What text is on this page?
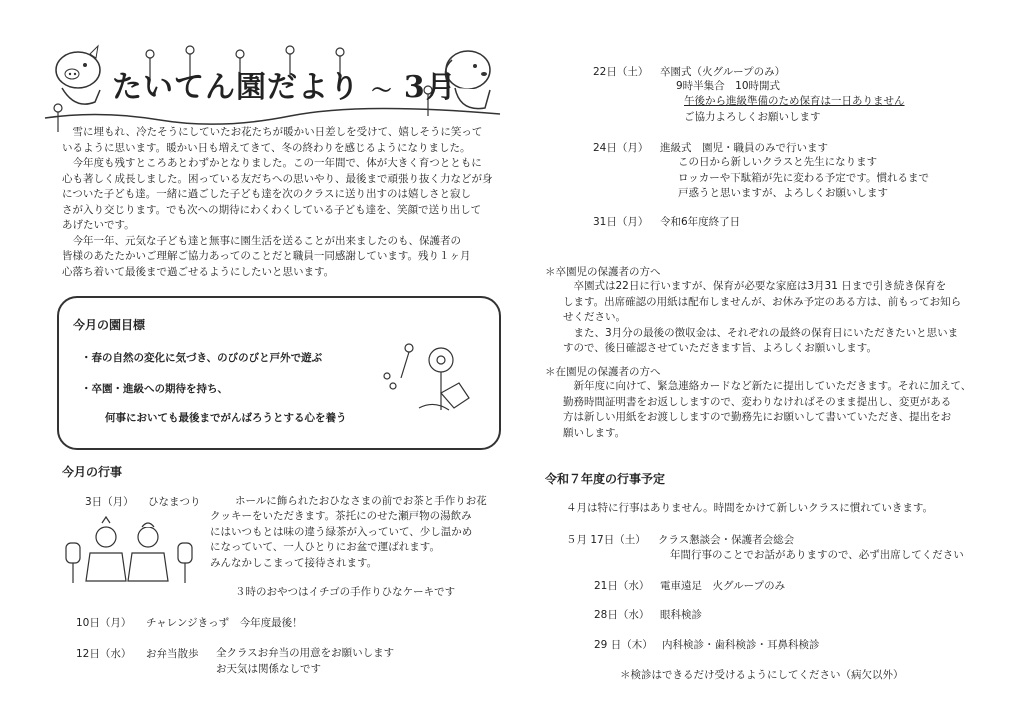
たいてん園だより ～ 3月

　雪に埋もれ、冷たそうにしていたお花たちが暖かい日差しを受けて、嬉しそうに笑って

いるように思います。暖かい日も増えてきて、冬の終わりを感じるようになりました。

　今年度も残すところあとわずかとなりました。この一年間で、体が大きく育つとともに

心も著しく成長しました。困っている友だちへの思いやり、最後まで頑張り抜く力などが身

についた子ども達。一緒に過ごした子ども達を次のクラスに送り出すのは嬉しさと寂し

さが入り交じります。でも次への期待にわくわくしている子ども達を、笑顔で送り出して

あげたいです。

　今年一年、元気な子ども達と無事に園生活を送ることが出来ましたのも、保護者の

皆様のあたたかいご理解ご協力あってのことだと職員一同感謝しています。残り１ヶ月

心落ち着いて最後まで過ごせるようにしたいと思います。

今月の園目標
・春の自然の変化に気づき、のびのびと戸外で遊ぶ
・卒園・進級への期待を持ち、
何事においても最後までがんばろうとする心を養う
今月の行事
3日（月） ひなまつり	ホールに飾られたおひなさまの前でお茶と手作りお花

クッキーをいただきます。茶托にのせた瀬戸物の湯飲み

にはいつもとは味の違う緑茶が入っていて、少し温かめ

になっていて、一人ひとりにお盆で運ばれます。

みんなかしこまって接待されます。

３時のおやつはイチゴの手作りひなケーキです
10日（月） チャレンジきっず　今年度最後！
12日（水） お弁当散歩 全クラスお弁当の用意をお願いします

お天気は関係なしです

22日（土） 卒園式（火グループのみ）

9時半集合　10時開式

午後から進級準備のため保育は一日ありません

ご協力よろしくお願いします

24日（月） 進級式　園児・職員のみで行います

この日から新しいクラスと先生になります

ロッカーや下駄箱が先に変わる予定です。慣れるまで

戸惑うと思いますが、よろしくお願いします

31日（月） 令和6年度終了日
＊卒園児の保護者の方へ

　卒園式は22日に行いますが、保育が必要な家庭は3月31 日まで引き続き保育を

します。出席確認の用紙は配布しませんが、お休み予定のある方は、前もってお知ら

せください。

　また、3月分の最後の徴収金は、それぞれの最終の保育日にいただきたいと思いま

すので、後日確認させていただきます旨、よろしくお願いします。

＊在園児の保護者の方へ

　新年度に向けて、緊急連絡カードなど新たに提出していただきます。それに加えて、

勤務時間証明書をお返ししますので、変わりなければそのまま提出し、変更がある

方は新しい用紙をお渡ししますので勤務先にお願いして書いていただき、提出をお

願いします。

令和７年度の行事予定
４月は特に行事はありません。時間をかけて新しいクラスに慣れていきます。
５月 17日（土） クラス懇談会・保護者会総会
年間行事のことでお話がありますので、必ず出席してください
21日（水） 電車遠足　火グループのみ
28日（水） 眼科検診
29 日（木） 内科検診・歯科検診・耳鼻科検診
＊検診はできるだけ受けるようにしてください（病欠以外）
